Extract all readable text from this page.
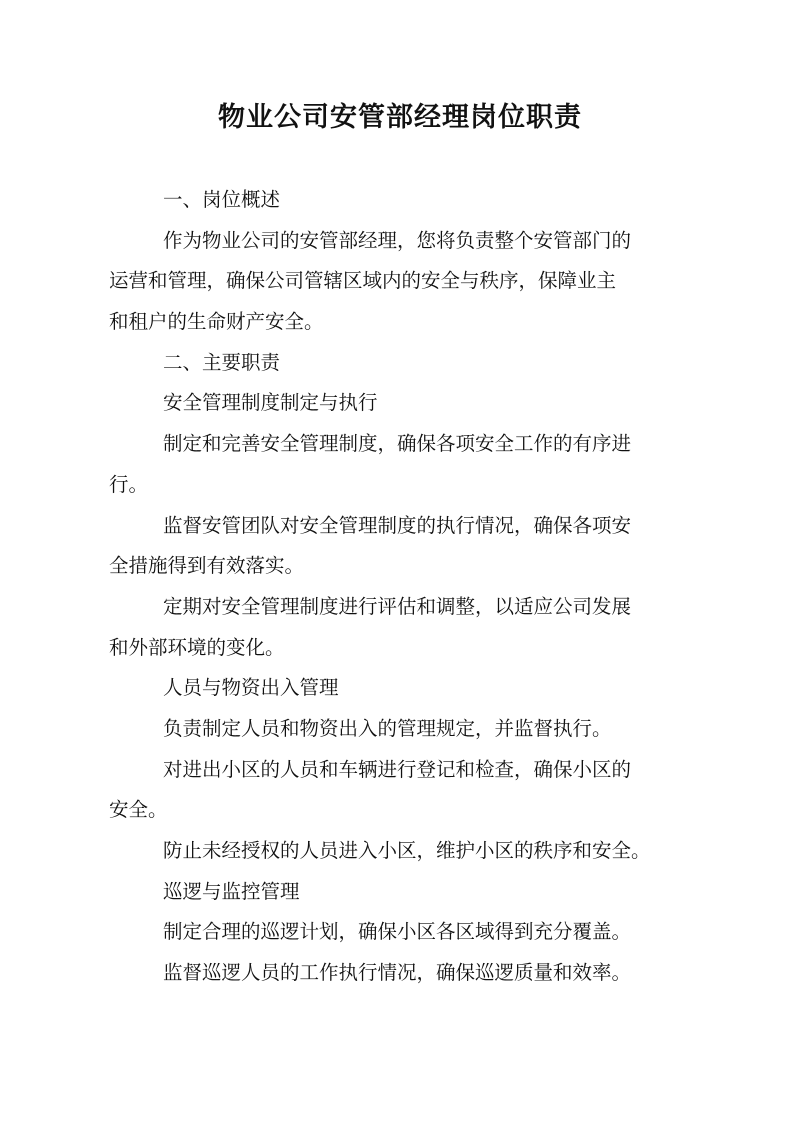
物业公司安管部经理岗位职责

一、岗位概述

作为物业公司的安管部经理，您将负责整个安管部门的

运营和管理，确保公司管辖区域内的安全与秩序，保障业主

和租户的生命财产安全。

二、主要职责

安全管理制度制定与执行

制定和完善安全管理制度，确保各项安全工作的有序进

行。

监督安管团队对安全管理制度的执行情况，确保各项安

全措施得到有效落实。

定期对安全管理制度进行评估和调整，以适应公司发展

和外部环境的变化。

人员与物资出入管理

负责制定人员和物资出入的管理规定，并监督执行。

对进出小区的人员和车辆进行登记和检查，确保小区的

安全。

防止未经授权的人员进入小区，维护小区的秩序和安全。

巡逻与监控管理

制定合理的巡逻计划，确保小区各区域得到充分覆盖。

监督巡逻人员的工作执行情况，确保巡逻质量和效率。
